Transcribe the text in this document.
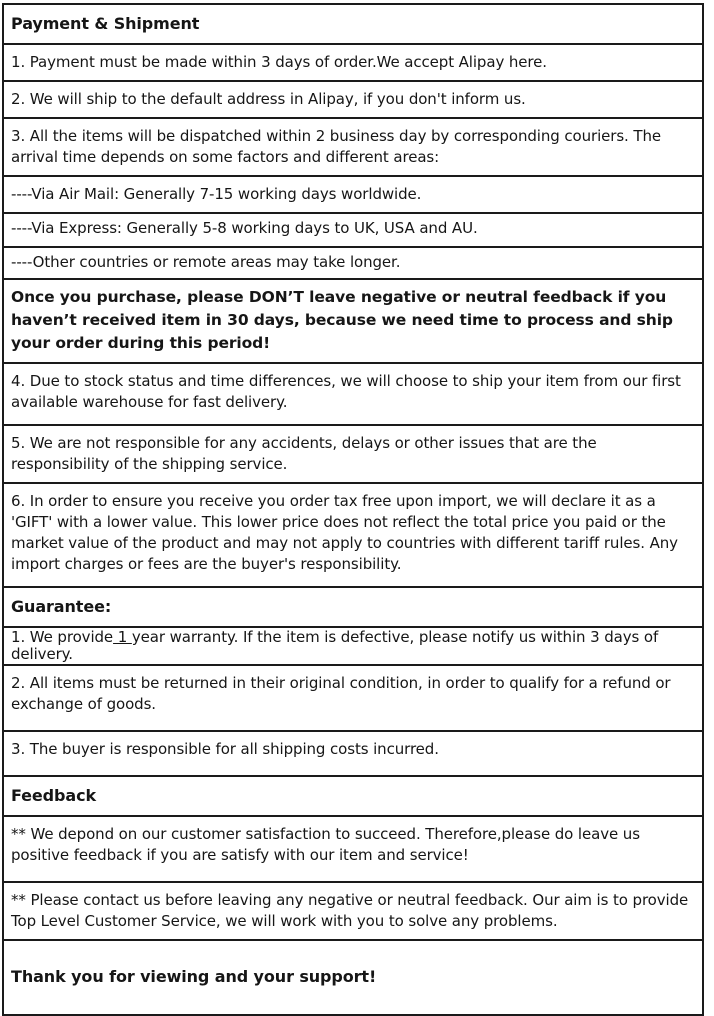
Payment & Shipment
1. Payment must be made within 3 days of order.We accept Alipay here.
2. We will ship to the default address in Alipay, if you don't inform us.
3. All the items will be dispatched within 2 business day by corresponding couriers. The arrival time depends on some factors and different areas:
----Via Air Mail: Generally 7-15 working days worldwide.
----Via Express: Generally 5-8 working days to UK, USA and AU.
----Other countries or remote areas may take longer.
Once you purchase, please DON’T leave negative or neutral feedback if you haven’t received item in 30 days, because we need time to process and ship your order during this period!
4. Due to stock status and time differences, we will choose to ship your item from our first available warehouse for fast delivery.
5. We are not responsible for any accidents, delays or other issues that are the responsibility of the shipping service.
6. In order to ensure you receive you order tax free upon import, we will declare it as a 'GIFT' with a lower value. This lower price does not reflect the total price you paid or the market value of the product and may not apply to countries with different tariff rules. Any import charges or fees are the buyer's responsibility.
Guarantee:
1. We provide 1 year warranty. If the item is defective, please notify us within 3 days of delivery.
2. All items must be returned in their original condition, in order to qualify for a refund or exchange of goods.
3. The buyer is responsible for all shipping costs incurred.
Feedback
** We depond on our customer satisfaction to succeed. Therefore,please do leave us positive feedback if you are satisfy with our item and service!
** Please contact us before leaving any negative or neutral feedback. Our aim is to provide Top Level Customer Service, we will work with you to solve any problems.
Thank you for viewing and your support!
